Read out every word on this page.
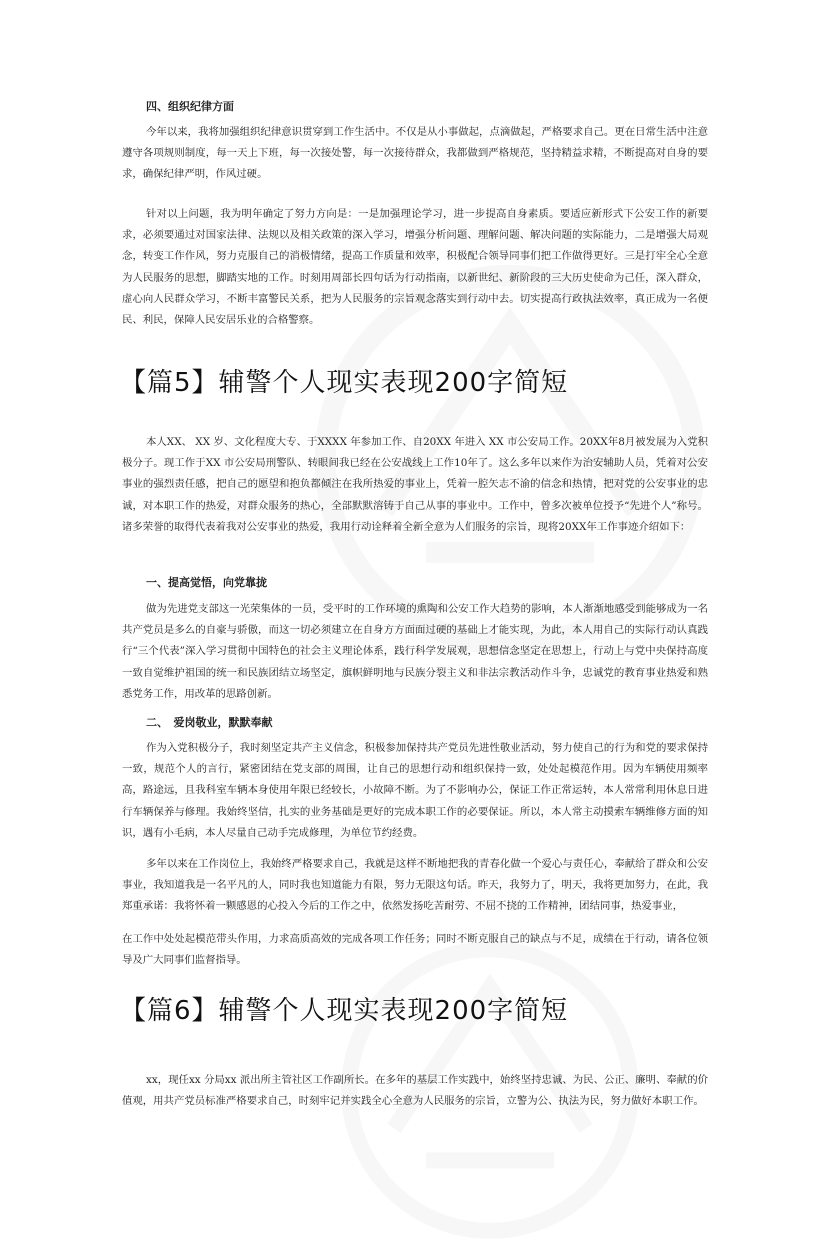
四、组织纪律方面

今年以来，我将加强组织纪律意识贯穿到工作生活中。不仅是从小事做起，点滴做起，严格要求自己。更在日常生活中注意遵守各项规则制度，每一天上下班，每一次接处警，每一次接待群众，我都做到严格规范，坚持精益求精，不断提高对自身的要求，确保纪律严明，作风过硬。

针对以上问题，我为明年确定了努力方向是：一是加强理论学习，进一步提高自身素质。要适应新形式下公安工作的新要求，必须要通过对国家法律、法规以及相关政策的深入学习，增强分析问题、理解问题、解决问题的实际能力，二是增强大局观念，转变工作作风，努力克服自己的消极情绪，提高工作质量和效率，积极配合领导同事们把工作做得更好。三是打牢全心全意为人民服务的思想，脚踏实地的工作。时刻用周部长四句话为行动指南，以新世纪、新阶段的三大历史使命为己任，深入群众，虚心向人民群众学习，不断丰富警民关系，把为人民服务的宗旨观念落实到行动中去。切实提高行政执法效率，真正成为一名便民、利民，保障人民安居乐业的合格警察。

【篇5】辅警个人现实表现200字简短

本人XX、 XX 岁、文化程度大专、于XXXX 年参加工作、自20XX 年进入 XX 市公安局工作。20XX年8月被发展为入党积极分子。现工作于XX 市公安局刑警队、转眼间我已经在公安战线上工作10年了。这么多年以来作为治安辅助人员，凭着对公安事业的强烈责任感，把自己的愿望和抱负都倾注在我所热爱的事业上，凭着一腔矢志不渝的信念和热情，把对党的公安事业的忠诚，对本职工作的热爱，对群众服务的热心，全部默默溶铸于自己从事的事业中。工作中，曾多次被单位授予“先进个人”称号。诸多荣誉的取得代表着我对公安事业的热爱，我用行动诠释着全新全意为人们服务的宗旨，现将20XX年工作事迹介绍如下：

一、提高觉悟，向党靠拢

做为先进党支部这一光荣集体的一员，受平时的工作环境的熏陶和公安工作大趋势的影响，本人渐渐地感受到能够成为一名共产党员是多么的自豪与骄傲，而这一切必须建立在自身方方面面过硬的基础上才能实现，为此，本人用自己的实际行动认真践行“三个代表”深入学习贯彻中国特色的社会主义理论体系，践行科学发展观，思想信念坚定在思想上，行动上与党中央保持高度一致自觉维护祖国的统一和民族团结立场坚定，旗帜鲜明地与民族分裂主义和非法宗教活动作斗争，忠诚党的教育事业热爱和熟悉党务工作，用改革的思路创新。

二、　爱岗敬业，默默奉献

作为入党积极分子，我时刻坚定共产主义信念，积极参加保持共产党员先进性敬业活动，努力使自己的行为和党的要求保持一致，规范个人的言行，紧密团结在党支部的周围，让自己的思想行动和组织保持一致，处处起模范作用。因为车辆使用频率高，路途远，且我科室车辆本身使用年限已经较长，小故障不断。为了不影响办公，保证工作正常运转，本人常常利用休息日进行车辆保养与修理。我始终坚信，扎实的业务基础是更好的完成本职工作的必要保证。所以，本人常主动摸索车辆维修方面的知识，遇有小毛病，本人尽量自己动手完成修理，为单位节约经费。

多年以来在工作岗位上，我始终严格要求自己，我就是这样不断地把我的青春化做一个爱心与责任心，奉献给了群众和公安事业，我知道我是一名平凡的人，同时我也知道能力有限，努力无限这句话。昨天，我努力了，明天，我将更加努力，在此，我郑重承诺：我将怀着一颗感恩的心投入今后的工作之中，依然发扬吃苦耐劳、不屈不挠的工作精神，团结同事，热爱事业，

在工作中处处起模范带头作用，力求高质高效的完成各项工作任务；同时不断克服自己的缺点与不足，成绩在于行动，请各位领导及广大同事们监督指导。

【篇6】辅警个人现实表现200字简短

xx，现任xx 分局xx 派出所主管社区工作副所长。在多年的基层工作实践中，始终坚持忠诚、为民、公正、廉明、奉献的价值观，用共产党员标准严格要求自己，时刻牢记并实践全心全意为人民服务的宗旨，立警为公、执法为民，努力做好本职工作。
